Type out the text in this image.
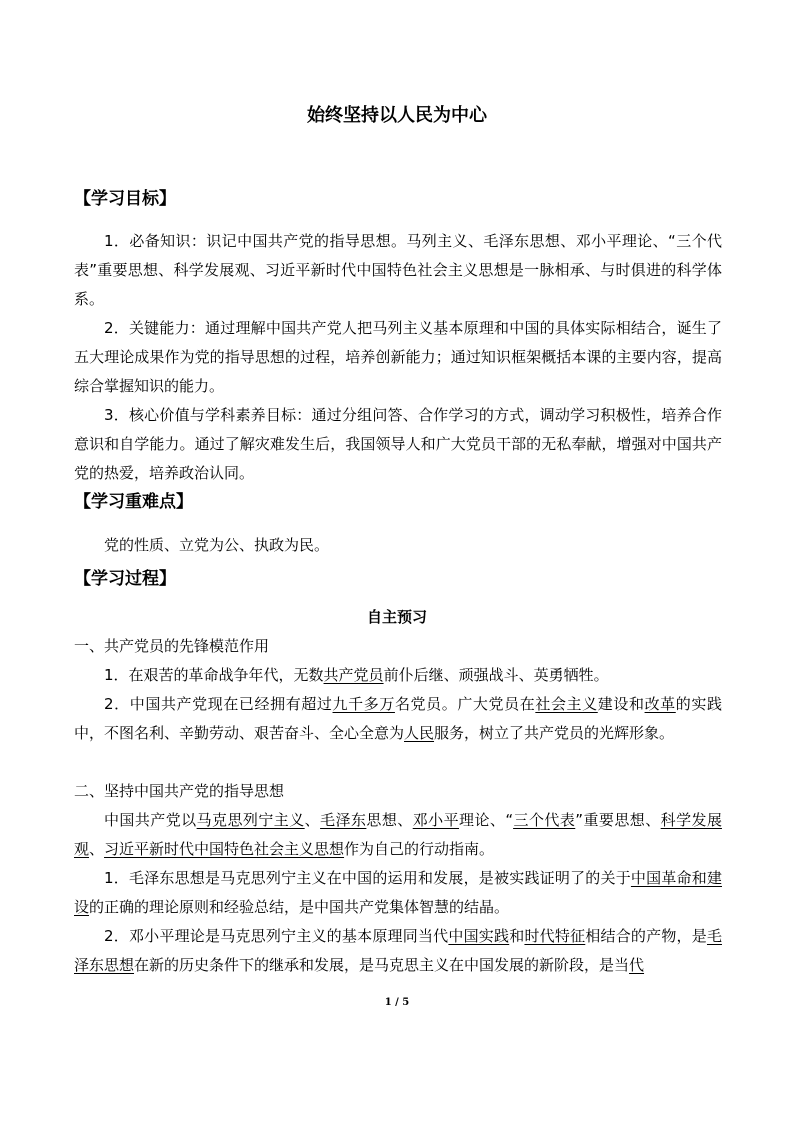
始终坚持以人民为中心
【学习目标】
1．必备知识：识记中国共产党的指导思想。马列主义、毛泽东思想、邓小平理论、“三个代表”重要思想、科学发展观、习近平新时代中国特色社会主义思想是一脉相承、与时俱进的科学体系。
2．关键能力：通过理解中国共产党人把马列主义基本原理和中国的具体实际相结合，诞生了五大理论成果作为党的指导思想的过程，培养创新能力；通过知识框架概括本课的主要内容，提高综合掌握知识的能力。
3．核心价值与学科素养目标：通过分组问答、合作学习的方式，调动学习积极性，培养合作意识和自学能力。通过了解灾难发生后，我国领导人和广大党员干部的无私奉献，增强对中国共产党的热爱，培养政治认同。
【学习重难点】
党的性质、立党为公、执政为民。
【学习过程】
自主预习
一、共产党员的先锋模范作用
1．在艰苦的革命战争年代，无数共产党员前仆后继、顽强战斗、英勇牺牲。
2．中国共产党现在已经拥有超过九千多万名党员。广大党员在社会主义建设和改革的实践中，不图名利、辛勤劳动、艰苦奋斗、全心全意为人民服务，树立了共产党员的光辉形象。
二、坚持中国共产党的指导思想
中国共产党以马克思列宁主义、毛泽东思想、邓小平理论、“三个代表”重要思想、科学发展观、习近平新时代中国特色社会主义思想作为自己的行动指南。
1．毛泽东思想是马克思列宁主义在中国的运用和发展，是被实践证明了的关于中国革命和建设的正确的理论原则和经验总结，是中国共产党集体智慧的结晶。
2．邓小平理论是马克思列宁主义的基本原理同当代中国实践和时代特征相结合的产物，是毛泽东思想在新的历史条件下的继承和发展，是马克思主义在中国发展的新阶段，是当代
1 / 5
